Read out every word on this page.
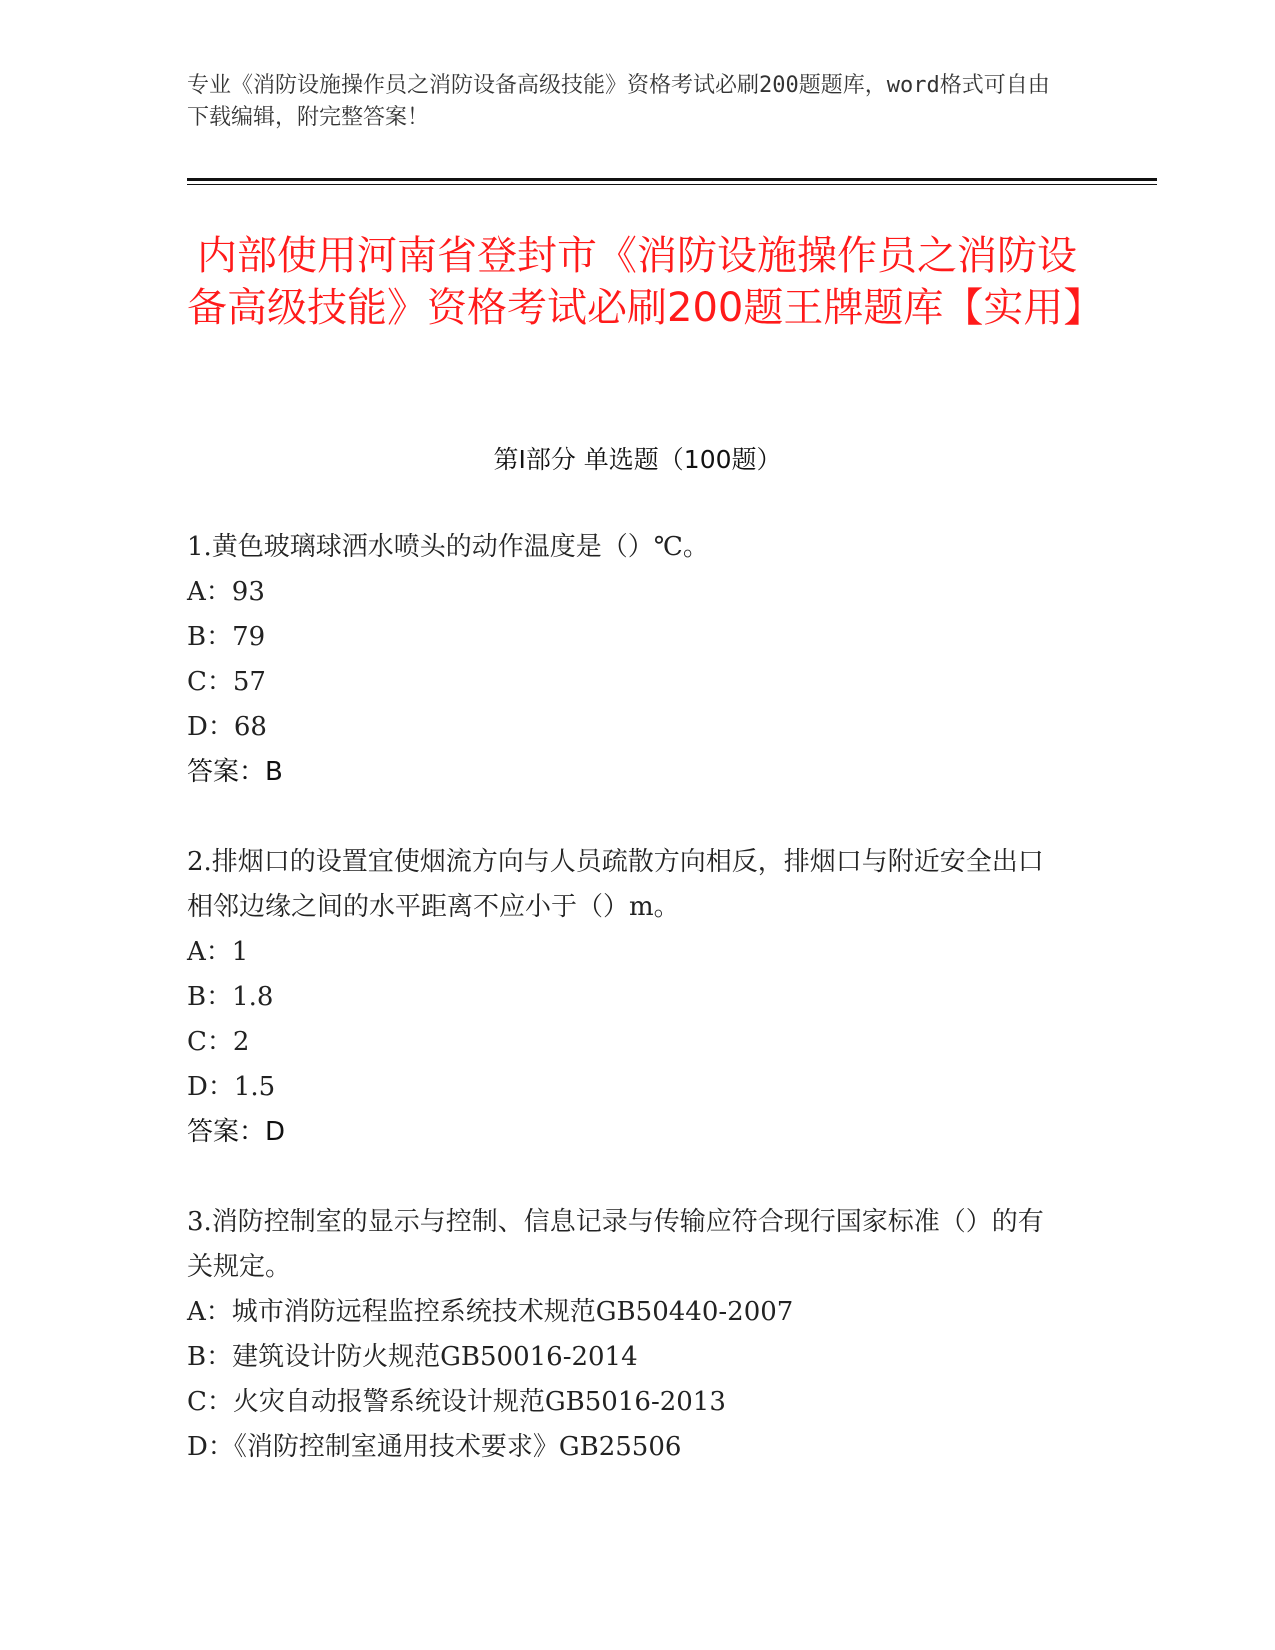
专业《消防设施操作员之消防设备高级技能》资格考试必刷200题题库，word格式可自由下载编辑，附完整答案！
内部使用河南省登封市《消防设施操作员之消防设备高级技能》资格考试必刷200题王牌题库【实用】
第Ⅰ部分 单选题（100题）

1.黄色玻璃球洒水喷头的动作温度是（）℃。

A：93

B：79

C：57

D：68

答案：B

2.排烟口的设置宜使烟流方向与人员疏散方向相反，排烟口与附近安全出口相邻边缘之间的水平距离不应小于（）m。

A：1

B：1.8

C：2

D：1.5

答案：D

3.消防控制室的显示与控制、信息记录与传输应符合现行国家标准（）的有关规定。

A：城市消防远程监控系统技术规范GB50440-2007

B：建筑设计防火规范GB50016-2014

C：火灾自动报警系统设计规范GB5016-2013

D：《消防控制室通用技术要求》GB25506
